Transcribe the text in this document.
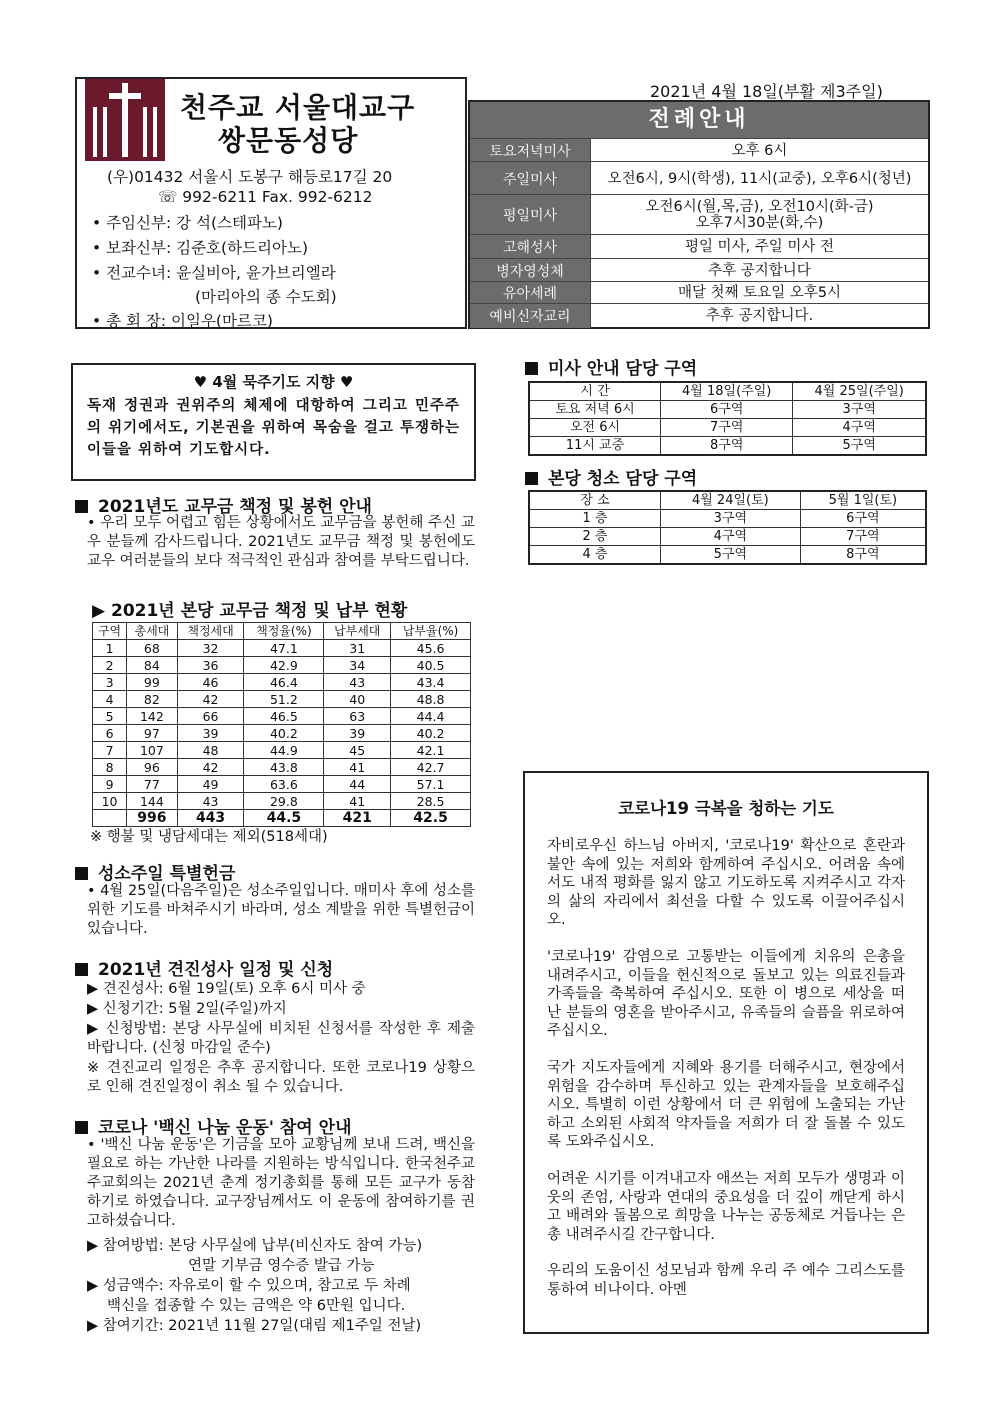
천주교 서울대교구
쌍문동성당
(우)01432 서울시 도봉구 해등로17길 20
☏ 992-6211 Fax. 992-6212
• 주임신부: 강 석(스테파노)
• 보좌신부: 김준호(하드리아노)
• 전교수녀: 윤실비아, 윤가브리엘라
(마리아의 종 수도회)
• 총 회 장: 이일우(마르코)
2021년 4월 18일(부활 제3주일)
전례안내
토요저녁미사	오후 6시
주일미사	오전6시, 9시(학생), 11시(교중), 오후6시(청년)
평일미사
오전6시(월,목,금), 오전10시(화-금)
오후7시30분(화,수)
고해성사	평일 미사, 주일 미사 전
병자영성체	추후 공지합니다
유아세례	매달 첫째 토요일 오후5시
예비신자교리	추후 공지합니다.
♥ 4월 묵주기도 지향 ♥
독재 정권과 권위주의 체제에 대항하여 그리고 민주주의 위기에서도, 기본권을 위하여 목숨을 걸고 투쟁하는 이들을 위하여 기도합시다.
2021년도 교무금 책정 및 봉헌 안내
• 우리 모두 어렵고 힘든 상황에서도 교무금을 봉헌해 주신 교우 분들께 감사드립니다. 2021년도 교무금 책정 및 봉헌에도 교우 여러분들의 보다 적극적인 관심과 참여를 부탁드립니다.
▶ 2021년 본당 교무금 책정 및 납부 현황
구역	총세대	책정세대	책정율(%)	납부세대	납부율(%)
1	68	32	47.1	31	45.6
2	84	36	42.9	34	40.5
3	99	46	46.4	43	43.4
4	82	42	51.2	40	48.8
5	142	66	46.5	63	44.4
6	97	39	40.2	39	40.2
7	107	48	44.9	45	42.1
8	96	42	43.8	41	42.7
9	77	49	63.6	44	57.1
10	144	43	29.8	41	28.5
	996	443	44.5	421	42.5
※ 행불 및 냉담세대는 제외(518세대)
성소주일 특별헌금
• 4월 25일(다음주일)은 성소주일입니다. 매미사 후에 성소를 위한 기도를 바쳐주시기 바라며, 성소 계발을 위한 특별헌금이 있습니다.
2021년 견진성사 일정 및 신청
▶ 견진성사: 6월 19일(토) 오후 6시 미사 중
▶ 신청기간: 5월 2일(주일)까지
▶ 신청방법: 본당 사무실에 비치된 신청서를 작성한 후 제출 바랍니다. (신청 마감일 준수)
※ 견진교리 일정은 추후 공지합니다. 또한 코로나19 상황으로 인해 견진일정이 취소 될 수 있습니다.
코로나 '백신 나눔 운동' 참여 안내
• '백신 나눔 운동'은 기금을 모아 교황님께 보내 드려, 백신을 필요로 하는 가난한 나라를 지원하는 방식입니다. 한국천주교주교회의는 2021년 춘계 정기총회를 통해 모든 교구가 동참하기로 하였습니다. 교구장님께서도 이 운동에 참여하기를 권고하셨습니다.
▶ 참여방법: 본당 사무실에 납부(비신자도 참여 가능)
연말 기부금 영수증 발급 가능
▶ 성금액수: 자유로이 할 수 있으며, 참고로 두 차례
백신을 접종할 수 있는 금액은 약 6만원 입니다.
▶ 참여기간: 2021년 11월 27일(대림 제1주일 전날)
미사 안내 담당 구역
시 간	4월 18일(주일)	4월 25일(주일)
토요 저녁 6시	6구역	3구역
오전 6시	7구역	4구역
11시 교중	8구역	5구역
본당 청소 담당 구역
장 소	4월 24일(토)	5월 1일(토)
1 층	3구역	6구역
2 층	4구역	7구역
4 층	5구역	8구역
코로나19 극복을 청하는 기도

자비로우신 하느님 아버지, '코로나19' 확산으로 혼란과 불안 속에 있는 저희와 함께하여 주십시오. 어려움 속에서도 내적 평화를 잃지 않고 기도하도록 지켜주시고 각자의 삶의 자리에서 최선을 다할 수 있도록 이끌어주십시오.

'코로나19' 감염으로 고통받는 이들에게 치유의 은총을 내려주시고, 이들을 헌신적으로 돌보고 있는 의료진들과 가족들을 축복하여 주십시오. 또한 이 병으로 세상을 떠난 분들의 영혼을 받아주시고, 유족들의 슬픔을 위로하여 주십시오.

국가 지도자들에게 지혜와 용기를 더해주시고, 현장에서 위험을 감수하며 투신하고 있는 관계자들을 보호해주십시오. 특별히 이런 상황에서 더 큰 위험에 노출되는 가난하고 소외된 사회적 약자들을 저희가 더 잘 돌볼 수 있도록 도와주십시오.

어려운 시기를 이겨내고자 애쓰는 저희 모두가 생명과 이웃의 존엄, 사랑과 연대의 중요성을 더 깊이 깨닫게 하시고 배려와 돌봄으로 희망을 나누는 공동체로 거듭나는 은총 내려주시길 간구합니다.

우리의 도움이신 성모님과 함께 우리 주 예수 그리스도를 통하여 비나이다. 아멘
